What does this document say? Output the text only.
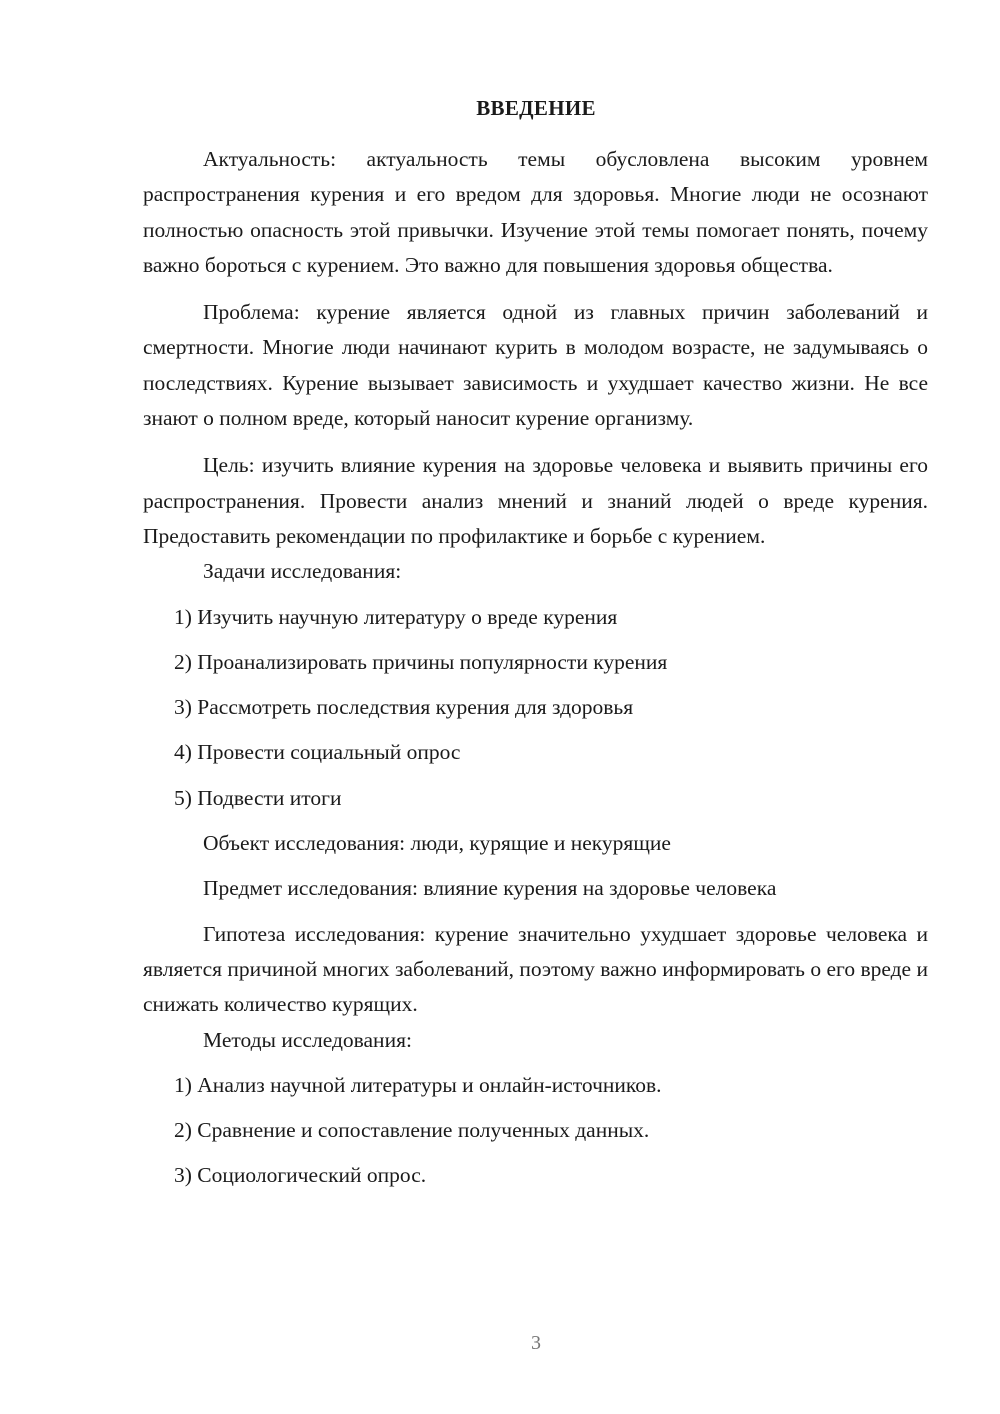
ВВЕДЕНИЕ

Актуальность: актуальность темы обусловлена высоким уровнем распространения курения и его вредом для здоровья. Многие люди не осознают полностью опасность этой привычки. Изучение этой темы помогает понять, почему важно бороться с курением. Это важно для повышения здоровья общества.

Проблема: курение является одной из главных причин заболеваний и смертности. Многие люди начинают курить в молодом возрасте, не задумываясь о последствиях. Курение вызывает зависимость и ухудшает качество жизни. Не все знают о полном вреде, который наносит курение организму.

Цель: изучить влияние курения на здоровье человека и выявить причины его распространения. Провести анализ мнений и знаний людей о вреде курения. Предоставить рекомендации по профилактике и борьбе с курением.

Задачи исследования:

1) Изучить научную литературу о вреде курения

2) Проанализировать причины популярности курения

3) Рассмотреть последствия курения для здоровья

4) Провести социальный опрос

5) Подвести итоги

Объект исследования: люди, курящие и некурящие

Предмет исследования: влияние курения на здоровье человека

Гипотеза исследования: курение значительно ухудшает здоровье человека и является причиной многих заболеваний, поэтому важно информировать о его вреде и снижать количество курящих.

Методы исследования:

1) Анализ научной литературы и онлайн-источников.

2) Сравнение и сопоставление полученных данных.

3) Социологический опрос.

3
